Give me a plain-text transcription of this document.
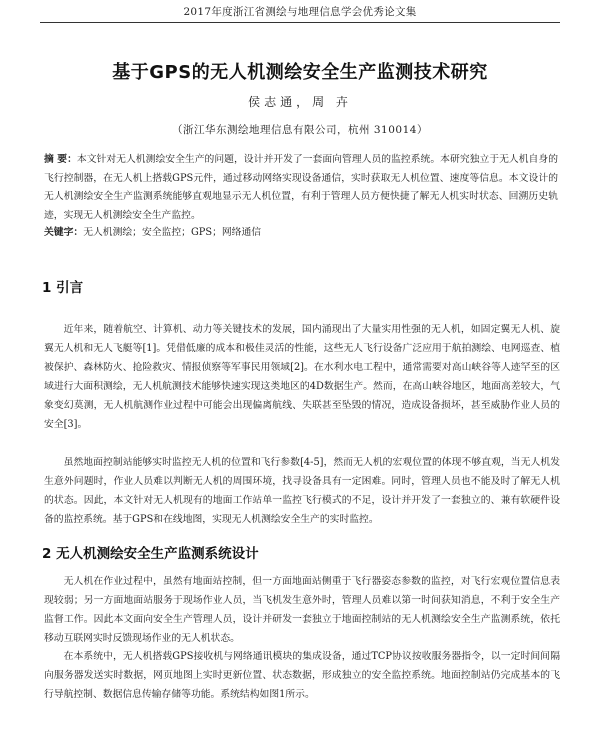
2017年度浙江省测绘与地理信息学会优秀论文集
基于GPS的无人机测绘安全生产监测技术研究
侯志通，周 卉
（浙江华东测绘地理信息有限公司，杭州 310014）
摘 要：本文针对无人机测绘安全生产的问题，设计并开发了一套面向管理人员的监控系统。本研究独立于无人机自身的飞行控制器，在无人机上搭载GPS元件，通过移动网络实现设备通信，实时获取无人机位置、速度等信息。本文设计的无人机测绘安全生产监测系统能够直观地显示无人机位置，有利于管理人员方便快捷了解无人机实时状态、回溯历史轨迹，实现无人机测绘安全生产监控。
关键字：无人机测绘；安全监控；GPS；网络通信
1 引言

近年来，随着航空、计算机、动力等关键技术的发展，国内涌现出了大量实用性强的无人机，如固定翼无人机、旋翼无人机和无人飞艇等[1]。凭借低廉的成本和极佳灵活的性能，这些无人飞行设备广泛应用于航拍测绘、电网巡查、植被保护、森林防火、抢险救灾、情报侦察等军事民用领域[2]。在水利水电工程中，通常需要对高山峡谷等人迹罕至的区域进行大面积测绘，无人机航测技术能够快速实现这类地区的4D数据生产。然而，在高山峡谷地区，地面高差较大，气象变幻莫测，无人机航测作业过程中可能会出现偏离航线、失联甚至坠毁的情况，造成设备损坏，甚至威胁作业人员的安全[3]。

虽然地面控制站能够实时监控无人机的位置和飞行参数[4-5]，然而无人机的宏观位置的体现不够直观，当无人机发生意外问题时，作业人员难以判断无人机的周围环境，找寻设备具有一定困难。同时，管理人员也不能及时了解无人机的状态。因此，本文针对无人机现有的地面工作站单一监控飞行模式的不足，设计并开发了一套独立的、兼有软硬件设备的监控系统。基于GPS和在线地图，实现无人机测绘安全生产的实时监控。

2 无人机测绘安全生产监测系统设计

无人机在作业过程中，虽然有地面站控制，但一方面地面站侧重于飞行器姿态参数的监控，对飞行宏观位置信息表现较弱；另一方面地面站服务于现场作业人员，当飞机发生意外时，管理人员难以第一时间获知消息，不利于安全生产监督工作。因此本文面向安全生产管理人员，设计并研发一套独立于地面控制站的无人机测绘安全生产监测系统，依托移动互联网实时反馈现场作业的无人机状态。

在本系统中，无人机搭载GPS接收机与网络通讯模块的集成设备，通过TCP协议按收服务器指令，以一定时间间隔向服务器发送实时数据，网页地图上实时更新位置、状态数据，形成独立的安全监控系统。地面控制站仍完成基本的飞行导航控制、数据信息传输存储等功能。系统结构如图1所示。
